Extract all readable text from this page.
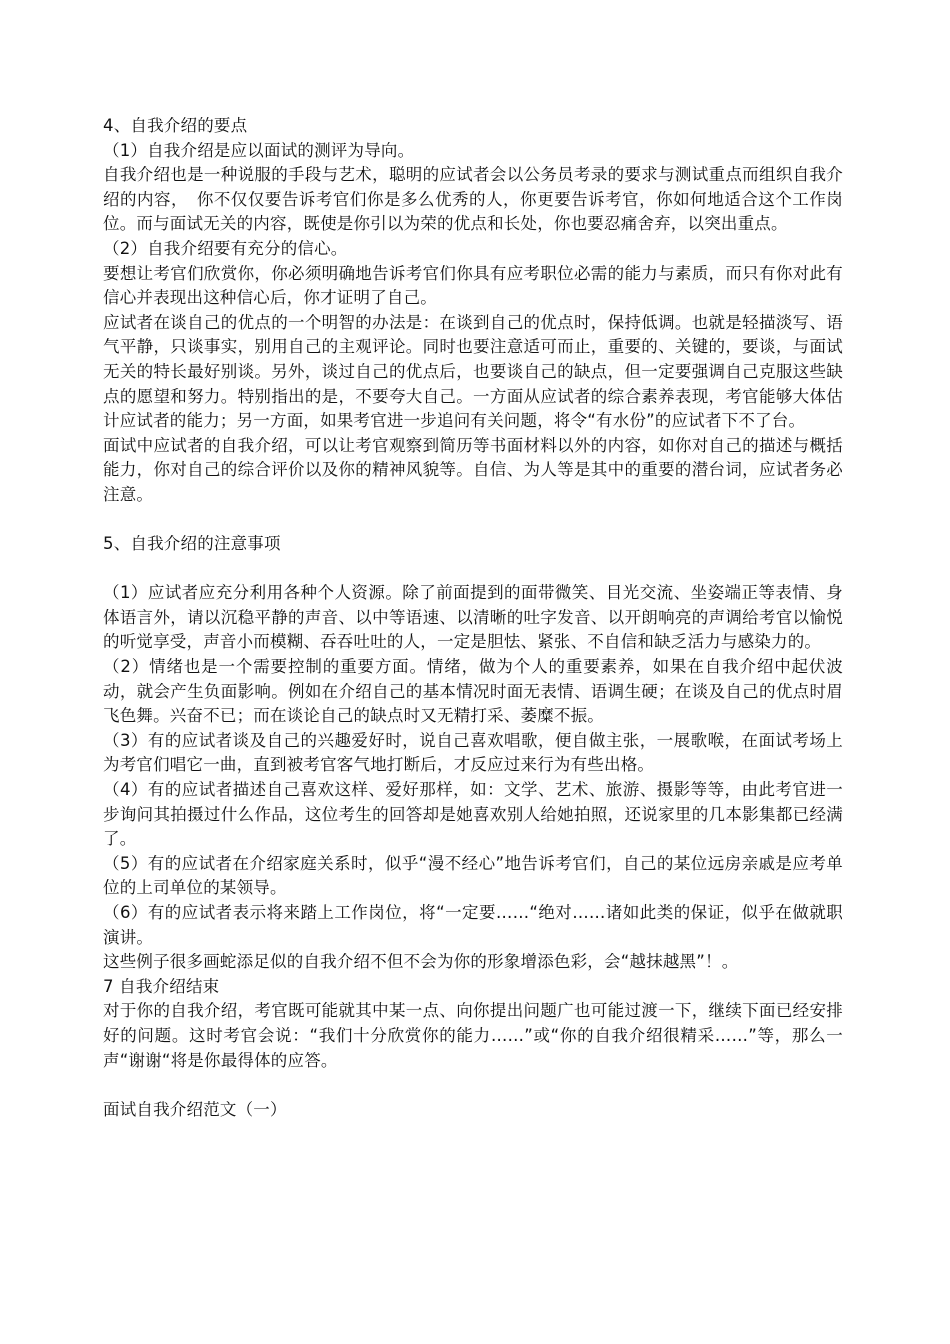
4、自我介绍的要点
（1）自我介绍是应以面试的测评为导向。
自我介绍也是一种说服的手段与艺术，聪明的应试者会以公务员考录的要求与测试重点而组织自我介绍的内容，　你不仅仅要告诉考官们你是多么优秀的人，你更要告诉考官，你如何地适合这个工作岗位。而与面试无关的内容，既使是你引以为荣的优点和长处，你也要忍痛舍弃，以突出重点。
（2）自我介绍要有充分的信心。
要想让考官们欣赏你，你必须明确地告诉考官们你具有应考职位必需的能力与素质，而只有你对此有信心并表现出这种信心后，你才证明了自己。
应试者在谈自己的优点的一个明智的办法是：在谈到自己的优点时，保持低调。也就是轻描淡写、语气平静，只谈事实，别用自己的主观评论。同时也要注意适可而止，重要的、关键的，要谈，与面试无关的特长最好别谈。另外，谈过自己的优点后，也要谈自己的缺点，但一定要强调自己克服这些缺点的愿望和努力。特别指出的是，不要夸大自己。一方面从应试者的综合素养表现，考官能够大体估计应试者的能力；另一方面，如果考官进一步追问有关问题，将令“有水份”的应试者下不了台。
面试中应试者的自我介绍，可以让考官观察到简历等书面材料以外的内容，如你对自己的描述与概括能力，你对自己的综合评价以及你的精神风貌等。自信、为人等是其中的重要的潜台词，应试者务必注意。
5、自我介绍的注意事项
（1）应试者应充分利用各种个人资源。除了前面提到的面带微笑、目光交流、坐姿端正等表情、身体语言外，请以沉稳平静的声音、以中等语速、以清晰的吐字发音、以开朗响亮的声调给考官以愉悦的听觉享受，声音小而模糊、吞吞吐吐的人，一定是胆怯、紧张、不自信和缺乏活力与感染力的。
（2）情绪也是一个需要控制的重要方面。情绪，做为个人的重要素养，如果在自我介绍中起伏波动，就会产生负面影响。例如在介绍自己的基本情况时面无表情、语调生硬；在谈及自己的优点时眉飞色舞。兴奋不已；而在谈论自己的缺点时又无精打采、萎糜不振。
（3）有的应试者谈及自己的兴趣爱好时，说自己喜欢唱歌，便自做主张，一展歌喉，在面试考场上为考官们唱它一曲，直到被考官客气地打断后，才反应过来行为有些出格。
（4）有的应试者描述自己喜欢这样、爱好那样，如：文学、艺术、旅游、摄影等等，由此考官进一步询问其拍摄过什么作品，这位考生的回答却是她喜欢别人给她拍照，还说家里的几本影集都已经满了。
（5）有的应试者在介绍家庭关系时，似乎“漫不经心”地告诉考官们，自己的某位远房亲戚是应考单位的上司单位的某领导。
（6）有的应试者表示将来踏上工作岗位，将“一定要……“绝对……诸如此类的保证，似乎在做就职演讲。
这些例子很多画蛇添足似的自我介绍不但不会为你的形象增添色彩，会“越抹越黑”！。
7 自我介绍结束
对于你的自我介绍，考官既可能就其中某一点、向你提出问题广也可能过渡一下，继续下面已经安排好的问题。这时考官会说：“我们十分欣赏你的能力……”或“你的自我介绍很精采……”等，那么一声“谢谢“将是你最得体的应答。
面试自我介绍范文（一）
